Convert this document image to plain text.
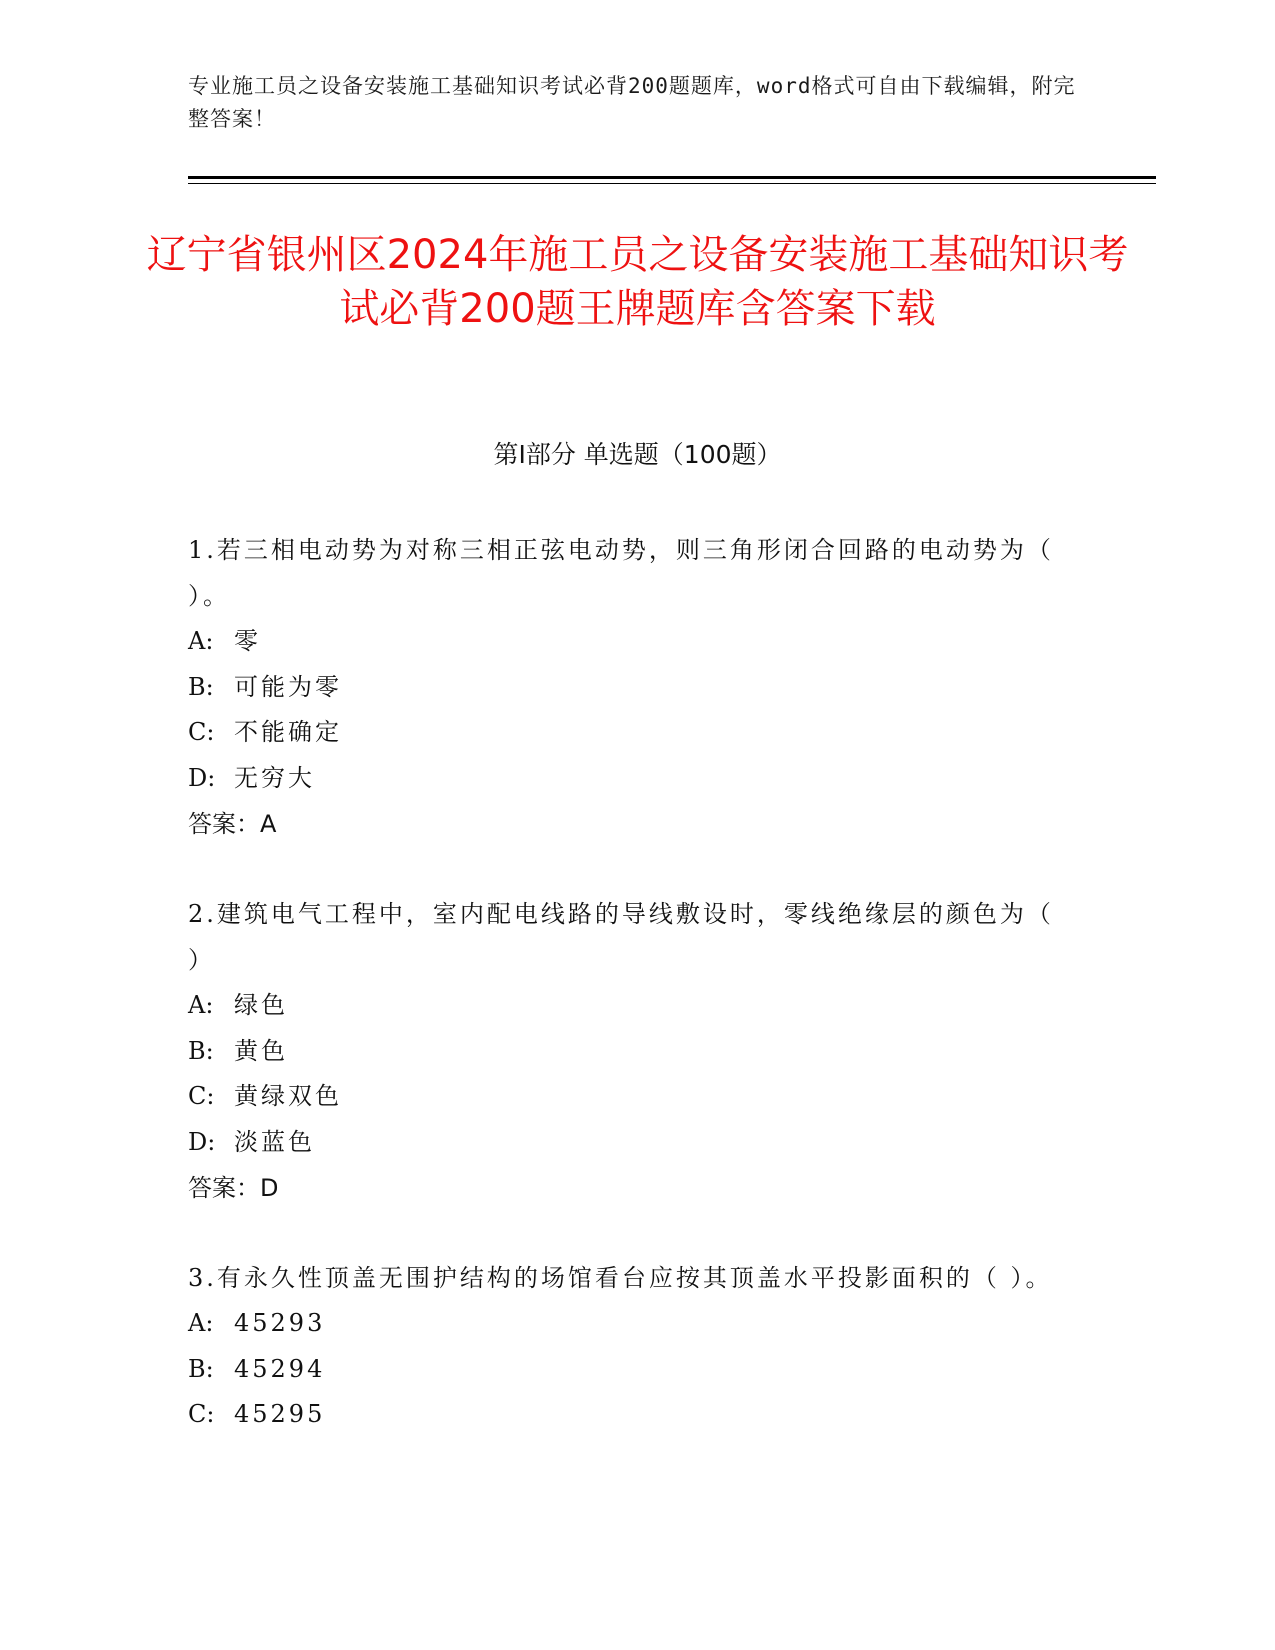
专业施工员之设备安装施工基础知识考试必背200题题库，word格式可自由下载编辑，附完整答案！
辽宁省银州区2024年施工员之设备安装施工基础知识考试必背200题王牌题库含答案下载
第I部分 单选题（100题）
1.若三相电动势为对称三相正弦电动势，则三角形闭合回路的电动势为（ ）。
A: 零
B: 可能为零
C: 不能确定
D: 无穷大
答案：A
2.建筑电气工程中，室内配电线路的导线敷设时，零线绝缘层的颜色为（ ）
A: 绿色
B: 黄色
C: 黄绿双色
D: 淡蓝色
答案：D
3.有永久性顶盖无围护结构的场馆看台应按其顶盖水平投影面积的（ ）。
A: 45293
B: 45294
C: 45295
